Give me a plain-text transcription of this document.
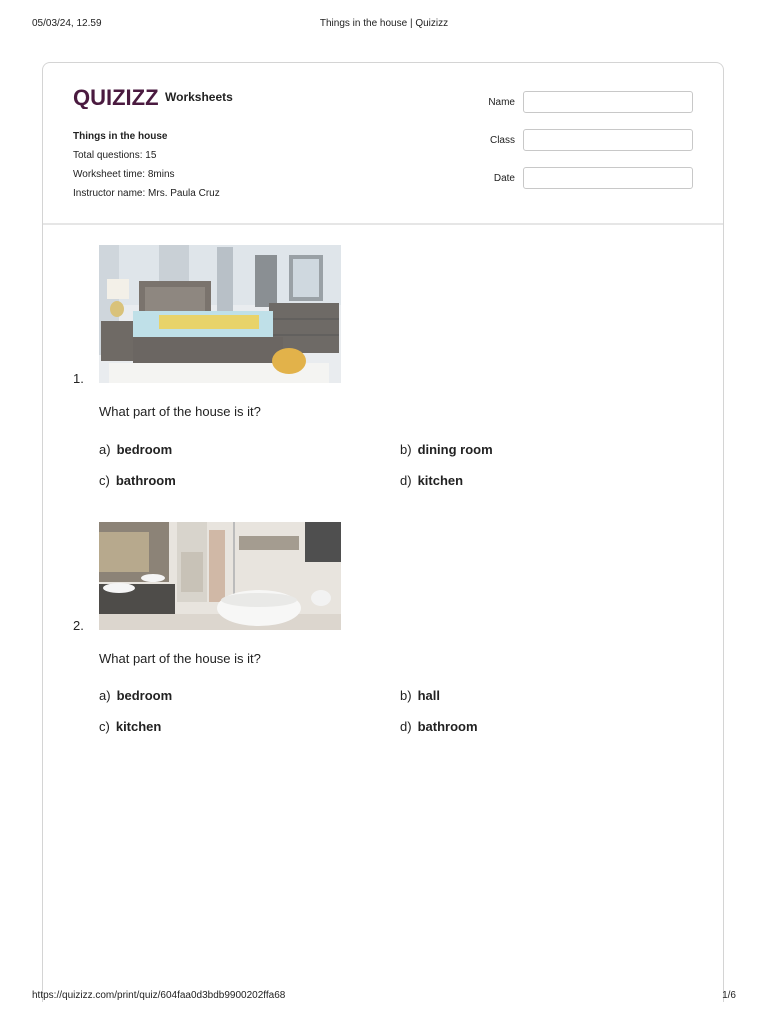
05/03/24, 12.59	Things in the house | Quizizz
QUIZIZZ Worksheets
Things in the house
Total questions: 15
Worksheet time: 8mins
Instructor name: Mrs. Paula Cruz
Name
Class
Date
1.
What part of the house is it?
a) bedroom	b) dining room
c) bathroom	d) kitchen
2.
What part of the house is it?
a) bedroom	b) hall
c) kitchen	d) bathroom
https://quizizz.com/print/quiz/604faa0d3bdb9900202ffa68	1/6
